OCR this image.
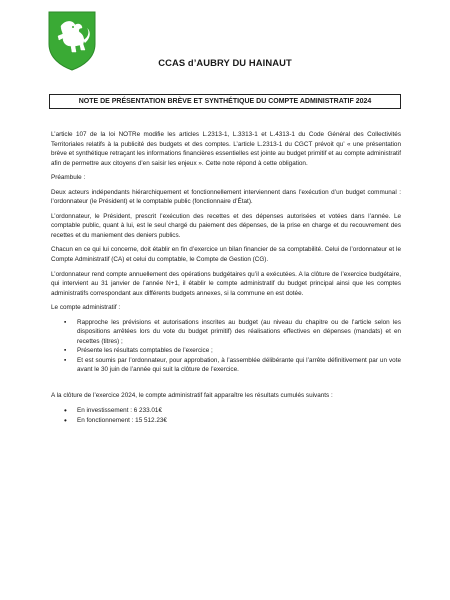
CCAS d’AUBRY DU HAINAUT
NOTE DE PRÉSENTATION BRÈVE ET SYNTHÉTIQUE DU COMPTE ADMINISTRATIF 2024

L’article 107 de la loi NOTRe modifie les articles L.2313-1, L.3313-1 et L.4313-1 du Code Général des Collectivités Territoriales relatifs à la publicité des budgets et des comptes. L’article L.2313-1 du CGCT prévoit qu’ « une présentation brève et synthétique retraçant les informations financières essentielles est jointe au budget primitif et au compte administratif afin de permettre aux citoyens d’en saisir les enjeux ». Cette note répond à cette obligation.

Préambule :

Deux acteurs indépendants hiérarchiquement et fonctionnellement interviennent dans l’exécution d’un budget communal : l’ordonnateur (le Président) et le comptable public (fonctionnaire d’État).

L’ordonnateur, le Président, prescrit l’exécution des recettes et des dépenses autorisées et votées dans l’année. Le comptable public, quant à lui, est le seul chargé du paiement des dépenses, de la prise en charge et du recouvrement des recettes et du maniement des deniers publics.

Chacun en ce qui lui concerne, doit établir en fin d’exercice un bilan financier de sa comptabilité. Celui de l’ordonnateur et le Compte Administratif (CA) et celui du comptable, le Compte de Gestion (CG).

L’ordonnateur rend compte annuellement des opérations budgétaires qu’il a exécutées. A la clôture de l’exercice budgétaire, qui intervient au 31 janvier de l’année N+1, il établir le compte administratif du budget principal ainsi que les comptes administratifs correspondant aux différents budgets annexes, si la commune en est dotée.

Le compte administratif :

▪ Rapproche les prévisions et autorisations inscrites au budget (au niveau du chapitre ou de l’article selon les dispositions arrêtées lors du vote du budget primitif) des réalisations effectives en dépenses (mandats) et en recettes (titres) ;
▪ Présente les résultats comptables de l’exercice ;
▪ Et est soumis par l’ordonnateur, pour approbation, à l’assemblée délibérante qui l’arrête définitivement par un vote avant le 30 juin de l’année qui suit la clôture de l’exercice.

A la clôture de l’exercice 2024, le compte administratif fait apparaître les résultats cumulés suivants :

• En investissement : 6 233.01€
• En fonctionnement : 15 512.23€
